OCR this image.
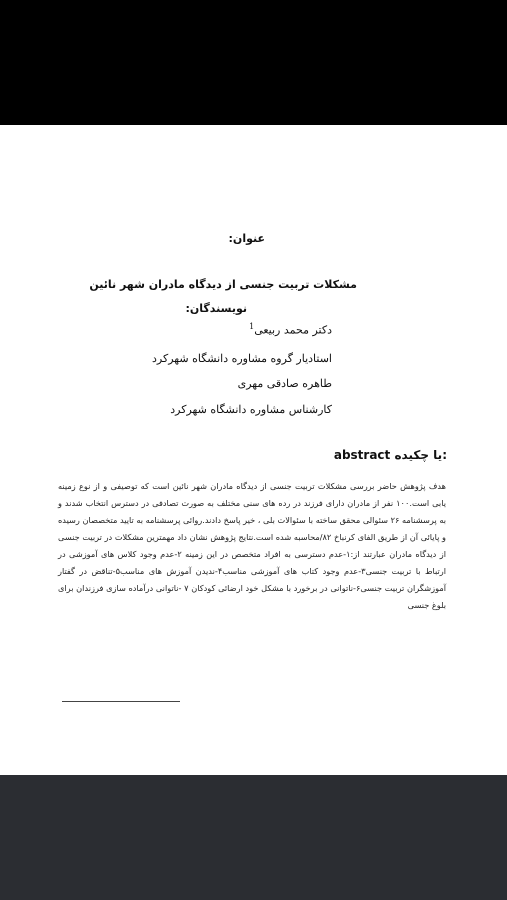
عنوان:
مشکلات تربیت جنسی از دیدگاه مادران شهر نائین
نویسندگان:
دکتر محمد ربیعی$^1$
استادیار گروه مشاوره دانشگاه شهرکرد
طاهره صادقی مهری
کارشناس مشاوره دانشگاه شهرکرد
abstract یا چکیده:
هدف پژوهش حاضر بررسی مشکلات تربیت جنسی از دیدگاه مادران شهر نائین است که توصیفی و از نوع زمینه یابی است.۱۰۰ نفر از مادران دارای فرزند در رده های سنی مختلف به صورت تصادفی در دسترس انتخاب شدند و به پرسشنامه ۲۶ سئوالی محقق ساخته با سئوالات بلی ، خیر پاسخ دادند.روائی پرسشنامه به تایید متخصصان رسیده و پایائی آن از طریق الفای کرنباخ ۸۲/محاسبه شده است.نتایج پژوهش نشان داد مهمترین مشکلات در تربیت جنسی از دیدگاه مادران عبارتند از:۱-عدم دسترسی به افراد متخصص در این زمینه ۲-عدم وجود کلاس های آموزشی در ارتباط با تربیت جنسی۳-عدم وجود کتاب های آموزشی مناسب۴-ندیدن آموزش های مناسب۵-تناقض در گفتار آموزشگران تربیت جنسی۶-ناتوانی در برخورد با مشکل خود ارضائی کودکان ۷ -ناتوانی درآماده سازی فرزندان برای بلوغ جنسی
